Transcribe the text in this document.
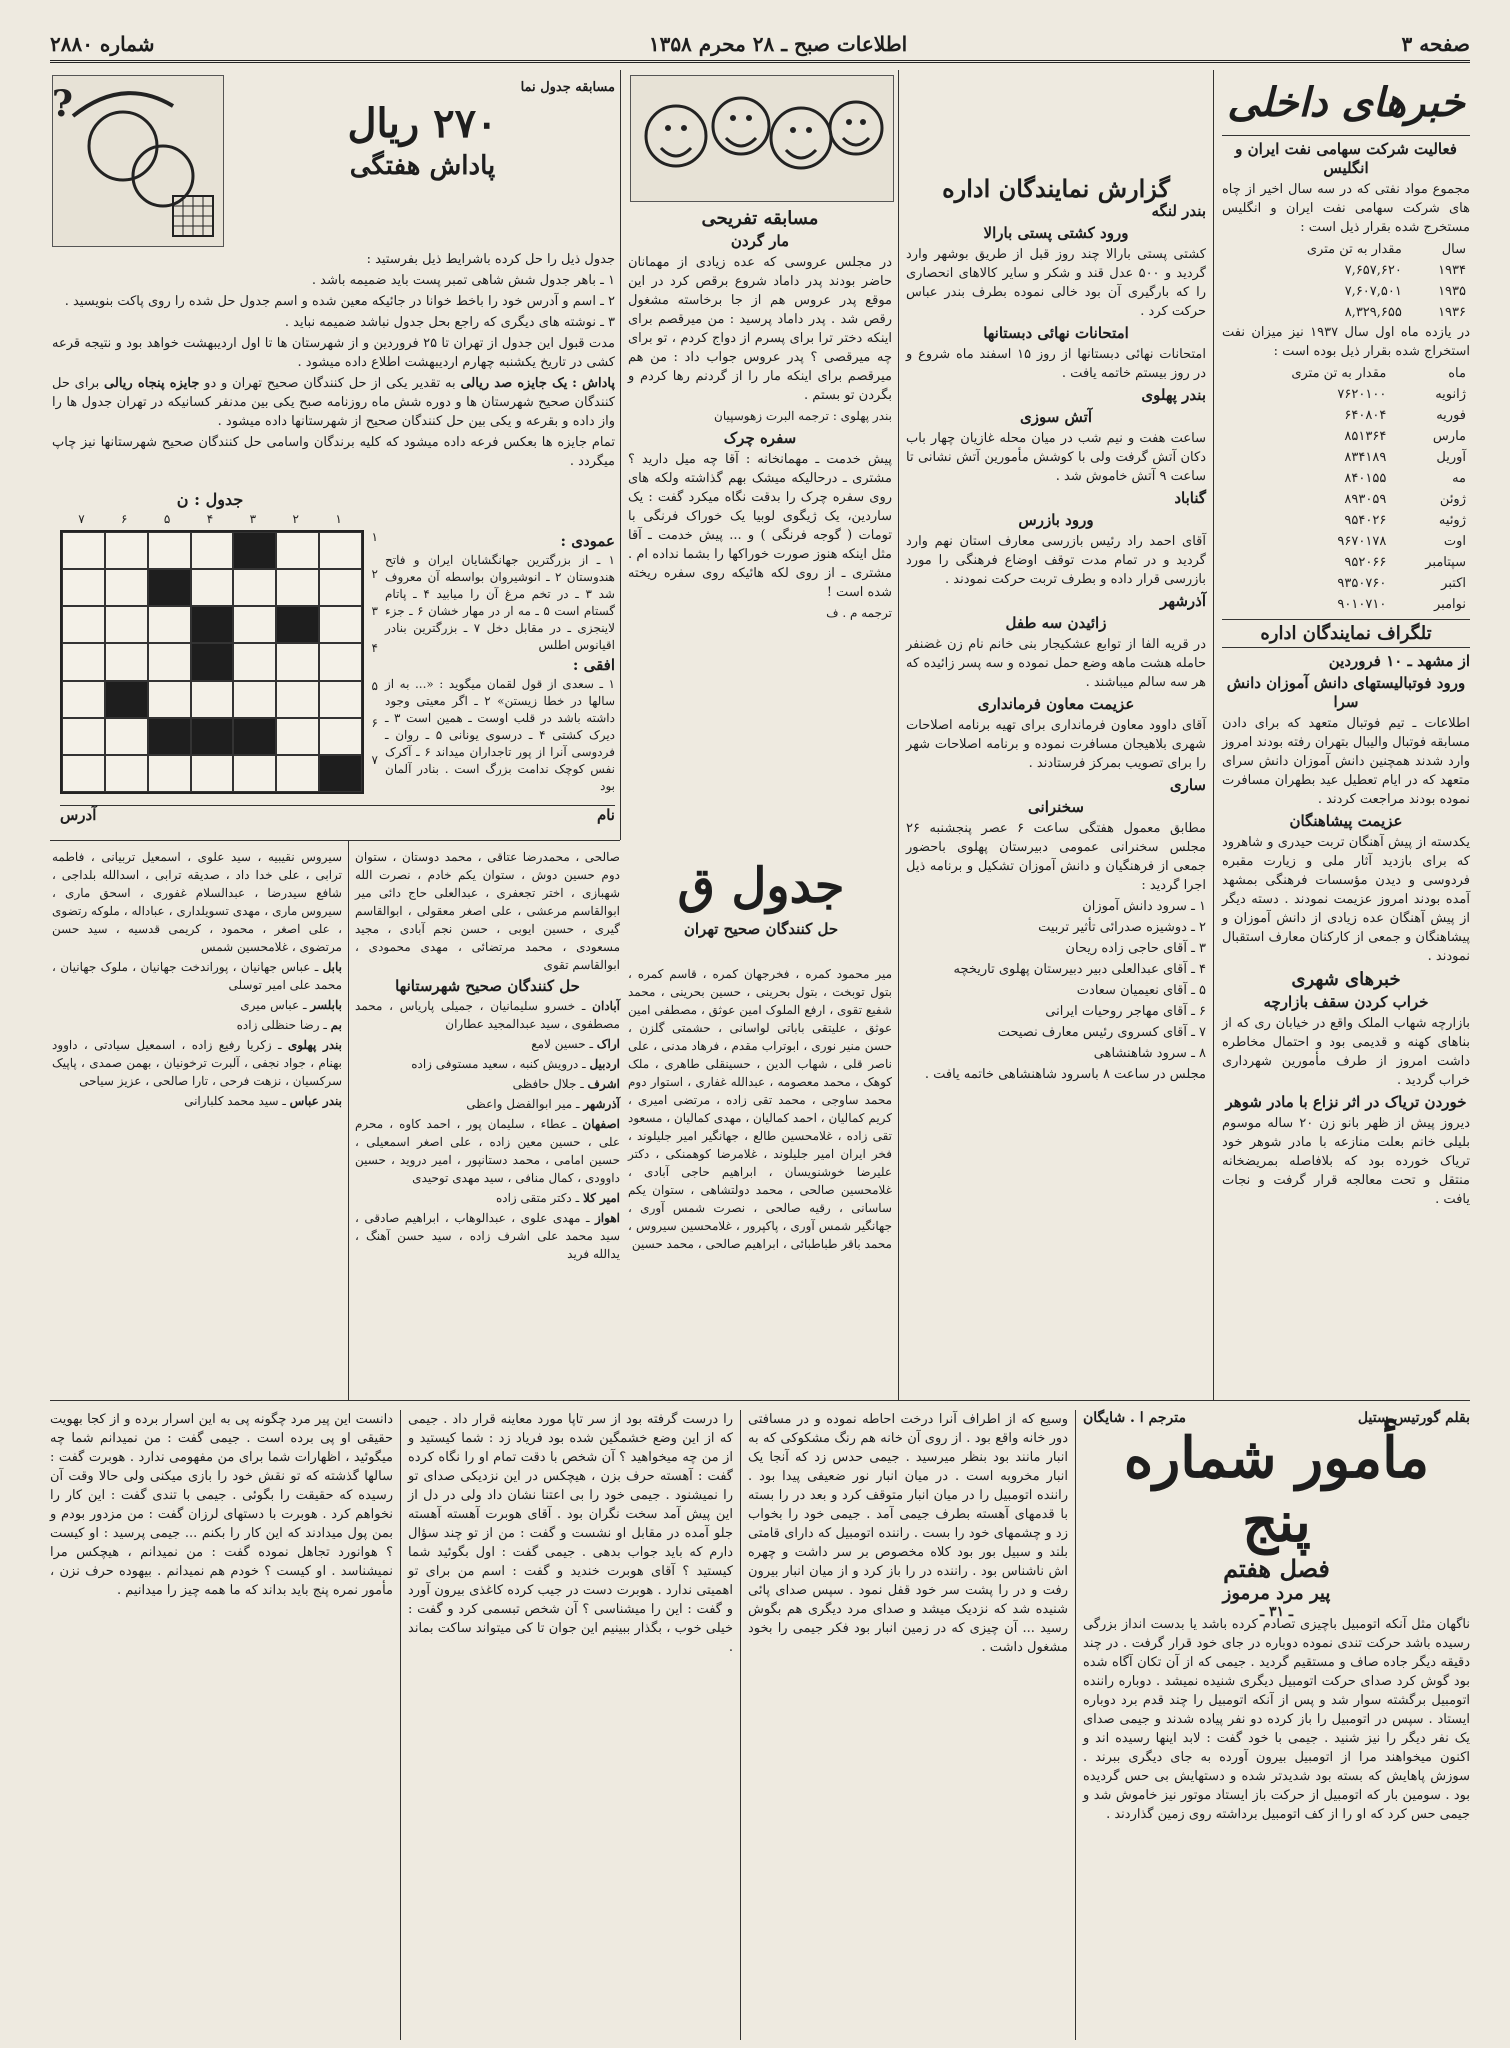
صفحه ۳
اطلاعات صبح ـ ۲۸ محرم ۱۳۵۸
شماره ۲۸۸۰
خبرهای داخلی
فعالیت شرکت سهامی نفت ایران و انگلیس

مجموع مواد نفتی که در سه سال اخیر از چاه های شرکت سهامی نفت ایران و انگلیس مستخرج شده بقرار ذیل است :

سال	مقدار به تن متری
۱۹۳۴	۷,۶۵۷,۶۲۰
۱۹۳۵	۷,۶۰۷,۵۰۱
۱۹۳۶	۸,۳۲۹,۶۵۵

در یازده ماه اول سال ۱۹۳۷ نیز میزان نفت استخراج شده بقرار ذیل بوده است :

ماه	مقدار به تن متری
ژانویه	۷۶۲۰۱۰۰
فوریه	۶۴۰۸۰۴
مارس	۸۵۱۳۶۴
آوریل	۸۳۴۱۸۹
مه	۸۴۰۱۵۵
ژوئن	۸۹۳۰۵۹
ژوئیه	۹۵۴۰۲۶
اوت	۹۶۷۰۱۷۸
سپتامبر	۹۵۲۰۶۶
اکتبر	۹۳۵۰۷۶۰
نوامبر	۹۰۱۰۷۱۰
تلگراف نمایندگان اداره
از مشهد ـ ۱۰ فروردین
ورود فوتبالیستهای دانش آموزان دانش سرا

اطلاعات ـ تیم فوتبال متعهد که برای دادن مسابقه فوتبال والیبال بتهران رفته بودند امروز وارد شدند همچنین دانش آموزان دانش سرای متعهد که در ایام تعطیل عید بطهران مسافرت نموده بودند مراجعت کردند .

عزیمت پیشاهنگان

یکدسته از پیش آهنگان تربت حیدری و شاهرود که برای بازدید آثار ملی و زیارت مقبره فردوسی و دیدن مؤسسات فرهنگی بمشهد آمده بودند امروز عزیمت نمودند . دسته دیگر از پیش آهنگان عده زیادی از دانش آموزان و پیشاهنگان و جمعی از کارکنان معارف استقبال نمودند .

خبرهای شهری
خراب کردن سقف بازارچه

بازارچه شهاب الملک واقع در خیابان ری که از بناهای کهنه و قدیمی بود و احتمال مخاطره داشت امروز از طرف مأمورین شهرداری خراب گردید .

خوردن تریاک در اثر نزاع با مادر شوهر

دیروز پیش از ظهر بانو زن ۲۰ ساله موسوم بلیلی خانم بعلت منازعه با مادر شوهر خود تریاک خورده بود که بلافاصله بمریضخانه منتقل و تحت معالجه قرار گرفت و نجات یافت .

گزارش نمایندگان اداره
بندر لنگه
ورود کشتی پستی بارالا

کشتی پستی بارالا چند روز قبل از طریق بوشهر وارد گردید و ۵۰۰ عدل قند و شکر و سایر کالاهای انحصاری را که بارگیری آن بود خالی نموده بطرف بندر عباس حرکت کرد .

امتحانات نهائی دبستانها

امتحانات نهائی دبستانها از روز ۱۵ اسفند ماه شروع و در روز بیستم خاتمه یافت .

بندر پهلوی
آتش سوزی

ساعت هفت و نیم شب در میان محله غازیان چهار باب دکان آتش گرفت ولی با کوشش مأمورین آتش نشانی تا ساعت ۹ آتش خاموش شد .

گناباد
ورود بازرس

آقای احمد راد رئیس بازرسی معارف استان نهم وارد گردید و در تمام مدت توقف اوضاع فرهنگی را مورد بازرسی قرار داده و بطرف تربت حرکت نمودند .

آذرشهر
زائیدن سه طفل

در قریه الفا از توابع عشکیجار بنی خانم نام زن غضنفر حامله هشت ماهه وضع حمل نموده و سه پسر زائیده که هر سه سالم میباشند .

عزیمت معاون فرمانداری

آقای داوود معاون فرمانداری برای تهیه برنامه اصلاحات شهری بلاهیجان مسافرت نموده و برنامه اصلاحات شهر را برای تصویب بمرکز فرستادند .

ساری
سخنرانی

مطابق معمول هفتگی ساعت ۶ عصر پنجشنبه ۲۶ مجلس سخنرانی عمومی دبیرستان پهلوی باحضور جمعی از فرهنگیان و دانش آموزان تشکیل و برنامه ذیل اجرا گردید :

۱ ـ سرود دانش آموزان

۲ ـ دوشیزه صدرائی تأثیر تربیت

۳ ـ آقای حاجی زاده ریحان

۴ ـ آقای عبدالعلی دبیر دبیرستان پهلوی تاریخچه

۵ ـ آقای نعیمیان سعادت

۶ ـ آقای مهاجر روحیات ایرانی

۷ ـ آقای کسروی رئیس معارف نصیحت

۸ ـ سرود شاهنشاهی

مجلس در ساعت ۸ باسرود شاهنشاهی خاتمه یافت .

مسابقه تفریحی
مار گردن

در مجلس عروسی که عده زیادی از مهمانان حاضر بودند پدر داماد شروع برقص کرد در این موقع پدر عروس هم از جا برخاسته مشغول رقص شد . پدر داماد پرسید : من میرقصم برای اینکه دختر ترا برای پسرم از دواج کردم ، تو برای چه میرقصی ؟ پدر عروس جواب داد : من هم میرقصم برای اینکه مار را از گردنم رها کردم و بگردن تو بستم .

بندر پهلوی : ترجمه البرت زهوسپیان

سفره چرک

پیش خدمت ـ مهمانخانه : آقا چه میل دارید ؟ مشتری ـ درحالیکه میشک بهم گذاشته ولکه های روی سفره چرک را بدقت نگاه میکرد گفت : یک ساردین، یک ژیگوی لوبیا یک خوراک فرنگی با تومات ( گوجه فرنگی ) و ... پیش خدمت ـ آقا مثل اینکه هنوز صورت خوراکها را بشما نداده ام . مشتری ـ از روی لکه هائیکه روی سفره ریخته شده است !

ترجمه م . ف

?	مسابقه جدول نما
۲۷۰ ریال
پاداش هفتگی

جدول ذیل را حل کرده باشرایط ذیل بفرستید :

۱ ـ باهر جدول شش شاهی تمبر پست باید ضمیمه باشد .

۲ ـ اسم و آدرس خود را باخط خوانا در جائیکه معین شده و اسم جدول حل شده را روی پاکت بنویسید .

۳ ـ نوشته های دیگری که راجع بحل جدول نباشد ضمیمه نباید .

مدت قبول این جدول از تهران تا ۲۵ فروردین و از شهرستان ها تا اول اردیبهشت خواهد بود و نتیجه قرعه کشی در تاریخ یکشنبه چهارم اردیبهشت اطلاع داده میشود .

پاداش : یک جایزه صد ریالی به تقدیر یکی از حل کنندگان صحیح تهران و دو جایزه پنجاه ریالی برای حل کنندگان صحیح شهرستان ها و دوره شش ماه روزنامه صبح یکی بین مدنفر کسانیکه در تهران جدول ها را واز داده و بقرعه و یکی بین حل کنندگان صحیح از شهرستانها داده میشود .

تمام جایزه ها بعکس فرعه داده میشود که کلیه برندگان واسامی حل کنندگان صحیح شهرستانها نیز چاپ میگردد .

جدول : ن
۱
۲
۳
۴
۵
۶
۷
۱
۲
۳
۴
۵
۶
۷
عمودی :

۱ ـ از بزرگترین جهانگشایان ایران و فاتح هندوستان ۲ ـ انوشیروان بواسطه آن معروف شد ۳ ـ در تخم مرغ آن را میابید ۴ ـ پاتام گستام است ۵ ـ مه ار در مهار خشان ۶ ـ جزء لاینجزی ـ در مقابل دخل ۷ ـ بزرگترین بنادر اقیانوس اطلس

افقی :

۱ ـ سعدی از قول لقمان میگوید : «... به از سالها در خطا زیستن» ۲ ـ اگر معیتی وجود داشته باشد در قلب اوست ـ همین است ۳ ـ دیرک کشتی ۴ ـ درسوی یونانی ۵ ـ روان ـ فردوسی آنرا از پور تاجداران میداند ۶ ـ آکرک نفس کوچک ندامت بزرگ است . بنادر آلمان بود

نام
آدرس
جدول ق
حل کنندگان صحیح تهران
میر محمود کمره ، فخرجهان کمره ، قاسم کمره ، بتول توبخت ، بتول بحرینی ، حسین بحرینی ، محمد شفیع تقوی ، ارفع الملوک امین عوثق ، مصطفی امین عوثق ، علیتقی باباتی لواسانی ، حشمتی گلزن ، حسن منیر نوری ، ابوتراب مقدم ، فرهاد مدنی ، علی ناصر قلی ، شهاب الدین ، حسینقلی طاهری ، ملک کوهک ، محمد معصومه ، عبدالله غفاری ، استوار دوم محمد ساوجی ، محمد تقی زاده ، مرتضی امیری ، کریم کمالیان ، احمد کمالیان ، مهدی کمالیان ، مسعود تقی زاده ، غلامحسین طالع ، جهانگیر امیر جلیلوند ، فخر ایران امیر جلیلوند ، غلامرضا کوهمنکی ، دکتر علیرضا خوشنویسان ، ابراهیم حاجی آبادی ، غلامحسین صالحی ، محمد دولتشاهی ، ستوان یکم ساسانی ، رقیه صالحی ، نصرت شمس آوری ، جهانگیر شمس آوری ، پاکپرور ، غلامحسین سیروس ، محمد باقر طباطبائی ، ابراهیم صالحی ، محمد حسین

صالحی ، محمدرضا عتاقی ، محمد دوستان ، ستوان دوم حسین دوش ، ستوان یکم خادم ، نصرت الله شهبازی ، اختر تجعفری ، عبدالعلی حاج دائی میر ابوالقاسم مرعشی ، علی اصغر معقولی ، ابوالقاسم گیری ، حسین ایوبی ، حسن نجم آبادی ، مجید مسعودی ، محمد مرتضائی ، مهدی محمودی ، ابوالقاسم تقوی

حل کنندگان صحیح شهرستانها

آبادان ـ خسرو سلیمانیان ، جمیلی پاریاس ، محمد مصطفوی ، سید عبدالمجید عطاران

اراک ـ حسین لامع

اردبیل ـ درویش کنبه ، سعید مستوفی زاده

اشرف ـ جلال حافظی

آذرشهر ـ میر ابوالفضل واعظی

اصفهان ـ عطاء ، سلیمان پور ، احمد کاوه ، محرم علی ، حسین معین زاده ، علی اصغر اسمعیلی ، حسین امامی ، محمد دستانپور ، امیر دروید ، حسین داوودی ، کمال منافی ، سید مهدی توحیدی

امیر کلا ـ دکتر متقی زاده

اهواز ـ مهدی علوی ، عبدالوهاب ، ابراهیم صادقی ، سید محمد علی اشرف زاده ، سید حسن آهنگ ، یدالله فرید

سیروس نقیبیه ، سید علوی ، اسمعیل تربیانی ، فاطمه ترابی ، علی خدا داد ، صدیقه ترابی ، اسدالله بلداجی ، شافع سیدرضا ، عبدالسلام غفوری ، اسحق ماری ، سیروس ماری ، مهدی تسویلداری ، عباداله ، ملوکه رتضوی ، علی اصغر ، محمود ، کریمی قدسیه ، سید حسن مرتضوی ، غلامحسین شمس

بابل ـ عباس جهانیان ، پوراندخت جهانیان ، ملوک جهانیان ، محمد علی امیر توسلی

بابلسر ـ عباس میری

بم ـ رضا حنظلی زاده

بندر پهلوی ـ زکریا رفیع زاده ، اسمعیل سیادتی ، داوود بهنام ، جواد نجفی ، آلبرت ترخونیان ، بهمن صمدی ، پاپیک سرکسیان ، نزهت فرحی ، تارا صالحی ، عزیز سیاحی

بندر عباس ـ سید محمد کلبارانی

بقلم گورتیس ستیل
مترجم ا . شایگان
مأمور شماره پنج
فصل هفتم
پیر مرد مرموز
ـ ۳۱ ـ
ناگهان مثل آنکه اتومبیل باچیزی تصادم کرده باشد یا بدست انداز بزرگی رسیده باشد حرکت تندی نموده دوباره در جای خود قرار گرفت . در چند دقیقه دیگر جاده صاف و مستقیم گردید . جیمی که از آن تکان آگاه شده بود گوش کرد صدای حرکت اتومبیل دیگری شنیده نمیشد . دوباره راننده اتومبیل برگشته سوار شد و پس از آنکه اتومبیل را چند قدم برد دوباره ایستاد . سپس در اتومبیل را باز کرده دو نفر پیاده شدند و جیمی صدای یک نفر دیگر را نیز شنید . جیمی با خود گفت : لابد اینها رسیده اند و اکنون میخواهند مرا از اتومبیل بیرون آورده به جای دیگری ببرند . سوزش پاهایش که بسته بود شدیدتر شده و دستهایش بی حس گردیده بود . سومین بار که اتومبیل از حرکت باز ایستاد موتور نیز خاموش شد و جیمی حس کرد که او را از کف اتومبیل برداشته روی زمین گذاردند .
وسیع که از اطراف آنرا درخت احاطه نموده و در مسافتی دور خانه واقع بود . از روی آن خانه هم رنگ مشکوکی که به انبار مانند بود بنظر میرسید . جیمی حدس زد که آنجا یک انبار مخروبه است . در میان انبار نور ضعیفی پیدا بود . راننده اتومبیل را در میان انبار متوقف کرد و بعد در را بسته با قدمهای آهسته بطرف جیمی آمد . جیمی خود را بخواب زد و چشمهای خود را بست . راننده اتومبیل که دارای قامتی بلند و سبیل بور بود کلاه مخصوص بر سر داشت و چهره اش ناشناس بود . راننده در را باز کرد و از میان انبار بیرون رفت و در را پشت سر خود قفل نمود . سپس صدای پائی شنیده شد که نزدیک میشد و صدای مرد دیگری هم بگوش رسید ... آن چیزی که در زمین انبار بود فکر جیمی را بخود مشغول داشت .
را درست گرفته بود از سر تاپا مورد معاینه قرار داد . جیمی که از این وضع خشمگین شده بود فریاد زد : شما کیستید و از من چه میخواهید ؟ آن شخص با دقت تمام او را نگاه کرده گفت : آهسته حرف بزن ، هیچکس در این نزدیکی صدای تو را نمیشنود . جیمی خود را بی اعتنا نشان داد ولی در دل از این پیش آمد سخت نگران بود . آقای هوبرت آهسته آهسته جلو آمده در مقابل او نشست و گفت : من از تو چند سؤال دارم که باید جواب بدهی . جیمی گفت : اول بگوئید شما کیستید ؟ آقای هوبرت خندید و گفت : اسم من برای تو اهمیتی ندارد . هوبرت دست در جیب کرده کاغذی بیرون آورد و گفت : این را میشناسی ؟ آن شخص تبسمی کرد و گفت : خیلی خوب ، بگذار ببینیم این جوان تا کی میتواند ساکت بماند .
دانست این پیر مرد چگونه پی به این اسرار برده و از کجا بهویت حقیقی او پی برده است . جیمی گفت : من نمیدانم شما چه میگوئید ، اظهارات شما برای من مفهومی ندارد . هوبرت گفت : سالها گذشته که تو نقش خود را بازی میکنی ولی حالا وقت آن رسیده که حقیقت را بگوئی . جیمی با تندی گفت : این کار را نخواهم کرد . هوبرت با دستهای لرزان گفت : من مزدور بودم و بمن پول میدادند که این کار را بکنم ... جیمی پرسید : او کیست ؟ هوانورد تجاهل نموده گفت : من نمیدانم ، هیچکس مرا نمیشناسد . او کیست ؟ خودم هم نمیدانم . بیهوده حرف نزن ، مأمور نمره پنج باید بداند که ما همه چیز را میدانیم .
